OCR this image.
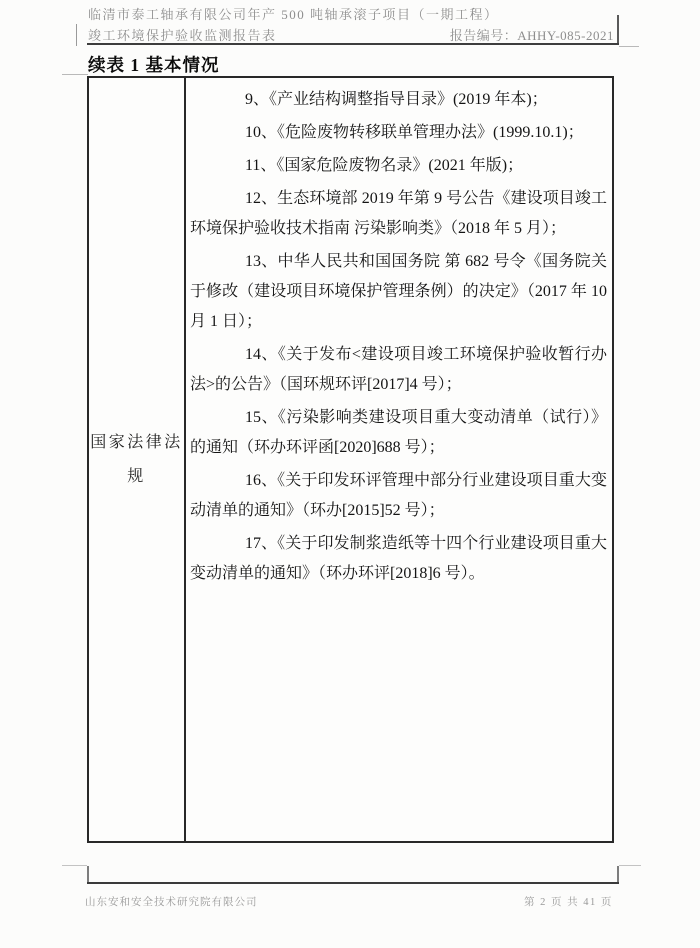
临清市泰工轴承有限公司年产 500 吨轴承滚子项目（一期工程）
竣工环境保护验收监测报告表	报告编号：AHHY-085-2021
续表 1 基本情况
国家法律法规

9、《产业结构调整指导目录》(2019 年本)；

10、《危险废物转移联单管理办法》(1999.10.1)；

11、《国家危险废物名录》(2021 年版)；

12、生态环境部 2019 年第 9 号公告《建设项目竣工环境保护验收技术指南 污染影响类》（2018 年 5 月）；

13、中华人民共和国国务院 第 682 号令《国务院关于修改（建设项目环境保护管理条例）的决定》（2017 年 10 月 1 日）；

14、《关于发布<建设项目竣工环境保护验收暂行办法>的公告》（国环规环评[2017]4 号）；

15、《污染影响类建设项目重大变动清单（试行）》的通知（环办环评函[2020]688 号）；

16、《关于印发环评管理中部分行业建设项目重大变动清单的通知》（环办[2015]52 号）；

17、《关于印发制浆造纸等十四个行业建设项目重大变动清单的通知》（环办环评[2018]6 号）。

山东安和安全技术研究院有限公司	第 2 页 共 41 页
